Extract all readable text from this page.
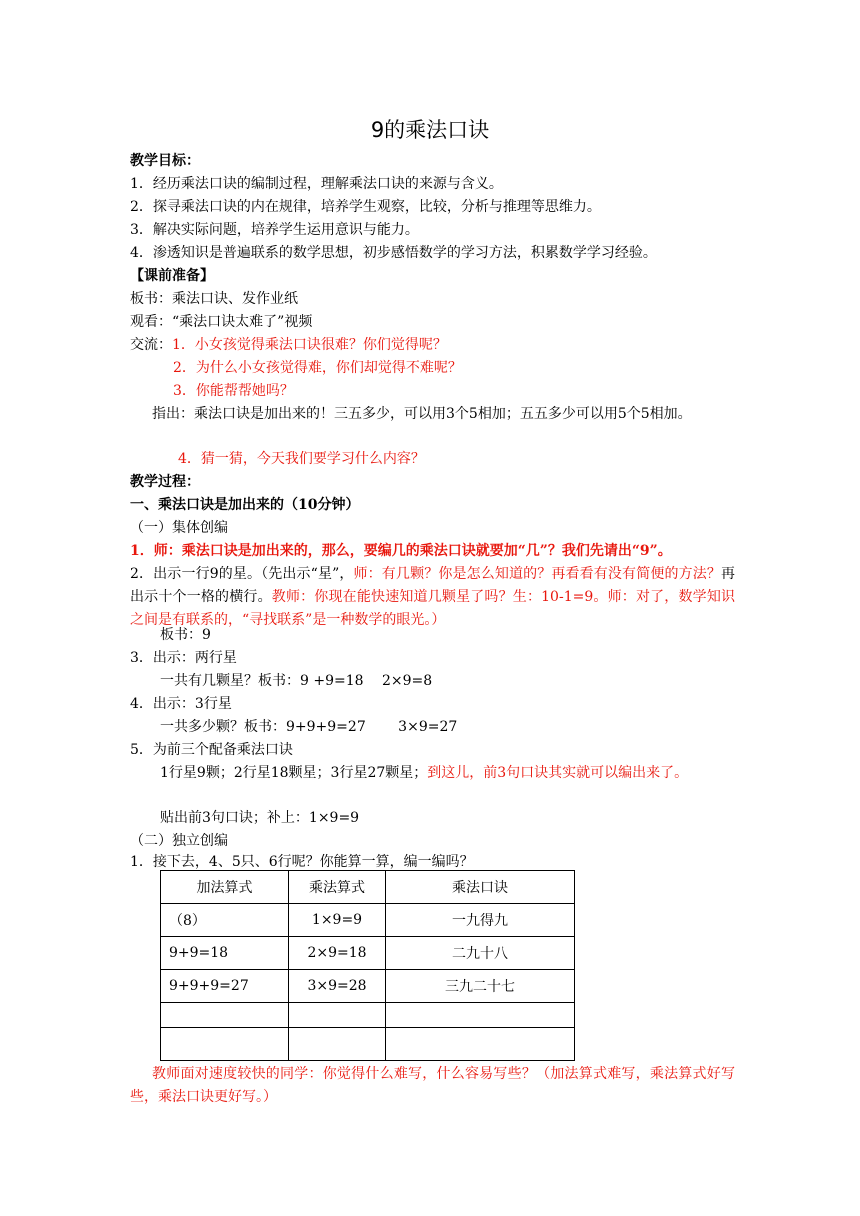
9的乘法口诀
教学目标：
1．经历乘法口诀的编制过程，理解乘法口诀的来源与含义。
2．探寻乘法口诀的内在规律，培养学生观察，比较，分析与推理等思维力。
3．解决实际问题，培养学生运用意识与能力。
4．渗透知识是普遍联系的数学思想，初步感悟数学的学习方法，积累数学学习经验。
【课前准备】
板书：乘法口诀、发作业纸
观看：“乘法口诀太难了”视频
交流：1．小女孩觉得乘法口诀很难？你们觉得呢？
2．为什么小女孩觉得难，你们却觉得不难呢？
3．你能帮帮她吗？
指出：乘法口诀是加出来的！三五多少，可以用3个5相加；五五多少可以用5个5相加。
4．猜一猜，今天我们要学习什么内容？
教学过程：
一、乘法口诀是加出来的（10分钟）
（一）集体创编
1．师：乘法口诀是加出来的，那么，要编几的乘法口诀就要加“几”？我们先请出“9”。
2．出示一行9的星。（先出示“星”，师：有几颗？你是怎么知道的？再看看有没有简便的方法？再出示十个一格的横行。教师：你现在能快速知道几颗星了吗？生：10-1=9。师：对了，数学知识之间是有联系的，“寻找联系”是一种数学的眼光。）
板书：9
3．出示：两行星
一共有几颗星？板书：9 +9=18　 2×9=8
4．出示：3行星
一共多少颗？板书：9+9+9=27　　 3×9=27
5．为前三个配备乘法口诀
1行星9颗；2行星18颗星；3行星27颗星；到这儿，前3句口诀其实就可以编出来了。
贴出前3句口诀；补上：1×9=9
（二）独立创编
1．接下去，4、5只、6行呢？你能算一算，编一编吗？
加法算式	乘法算式	乘法口诀
（8）	1×9=9	一九得九
9+9=18	2×9=18	二九十八
9+9+9=27	3×9=28	三九二十七

教师面对速度较快的同学：你觉得什么难写，什么容易写些？（加法算式难写，乘法算式好写些，乘法口诀更好写。）
